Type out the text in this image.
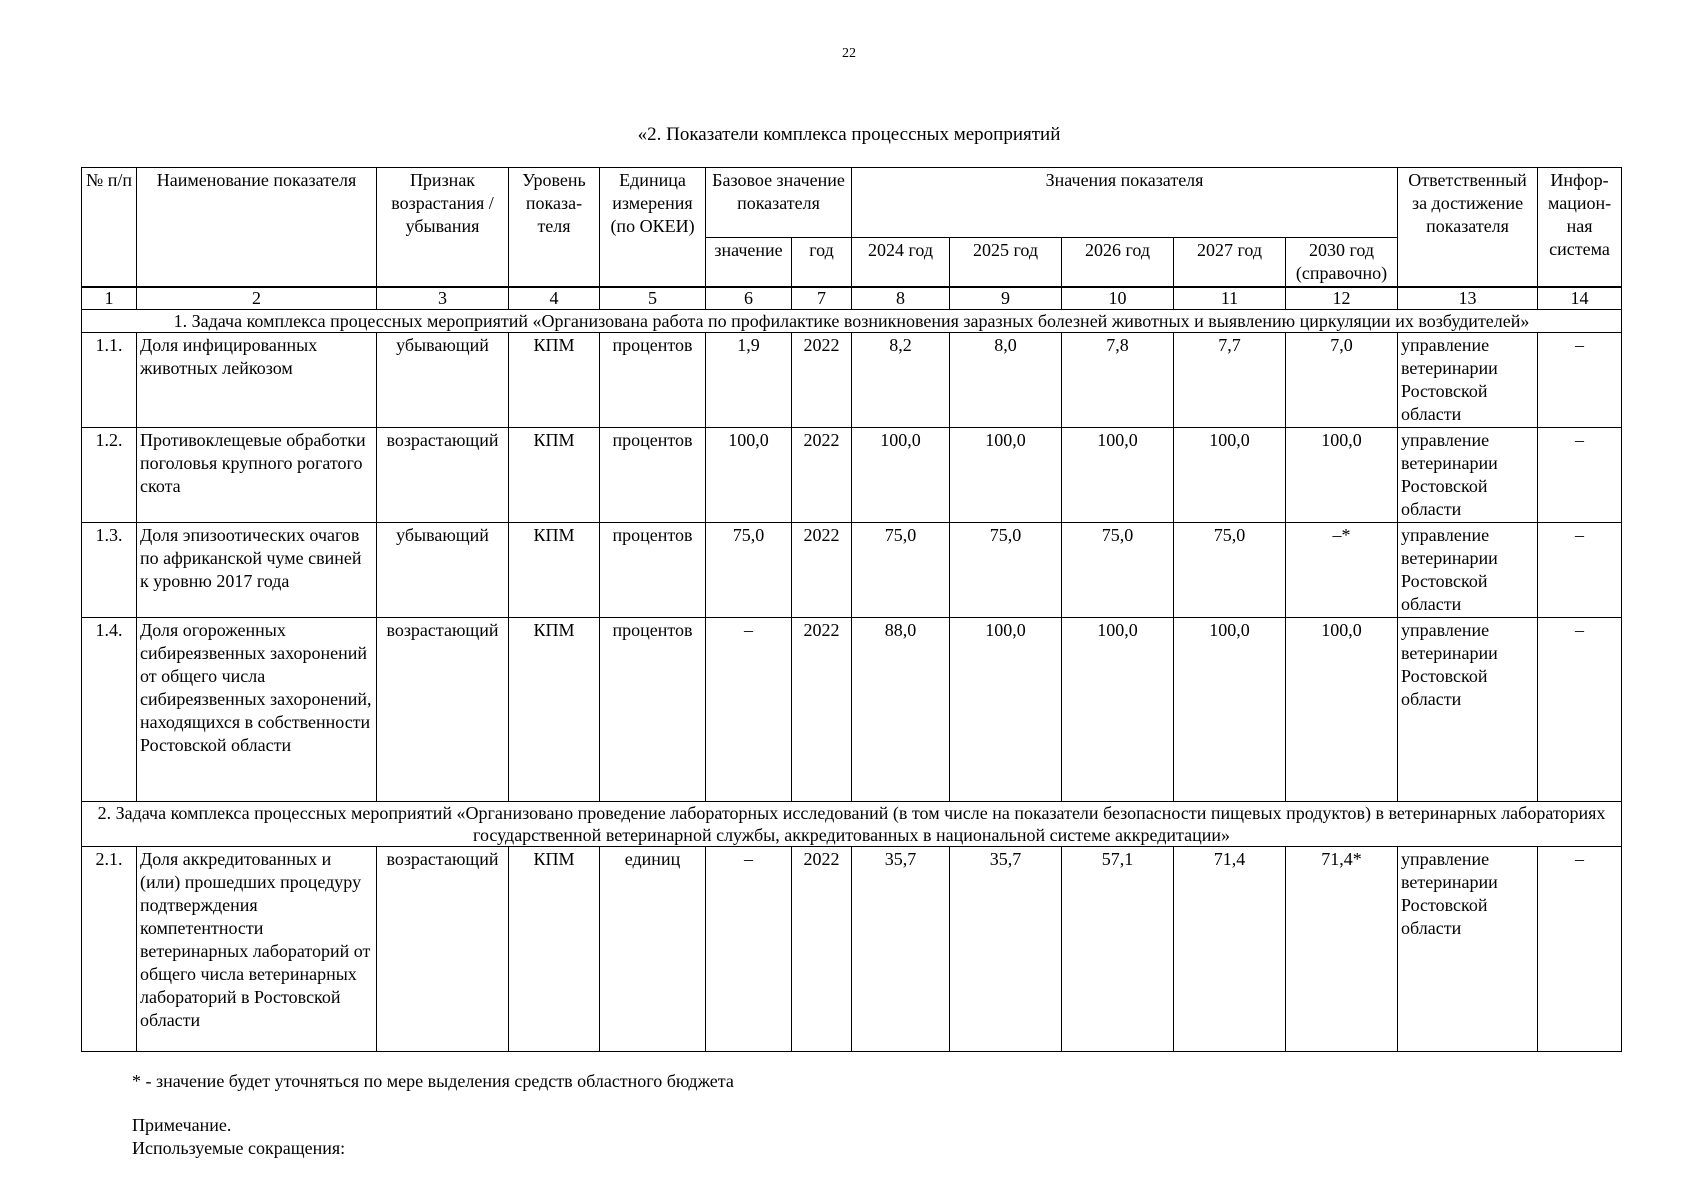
22
«2. Показатели комплекса процессных мероприятий
№ п/п	Наименование показателя	Признак возрастания / убывания	Уровень показа-теля	Единица измерения (по ОКЕИ)	Базовое значение показателя		Значения показателя					Ответственный за достижение показателя	Инфор-мацион-ная система
					значение	год	2024 год	2025 год	2026 год	2027 год	2030 год (справочно)		
1	2	3	4	5	6	7	8	9	10	11	12	13	14
1. Задача комплекса процессных мероприятий «Организована работа по профилактике возникновения заразных болезней животных и выявлению циркуляции их возбудителей»													
1.1.	Доля инфицированных животных лейкозом	убывающий	КПМ	процентов	1,9	2022	8,2	8,0	7,8	7,7	7,0	управление ветеринарии Ростовской области	–
1.2.	Противоклещевые обработки поголовья крупного рогатого скота	возрастающий	КПМ	процентов	100,0	2022	100,0	100,0	100,0	100,0	100,0	управление ветеринарии Ростовской области	–
1.3.	Доля эпизоотических очагов по африканской чуме свиней к уровню 2017 года	убывающий	КПМ	процентов	75,0	2022	75,0	75,0	75,0	75,0	–*	управление ветеринарии Ростовской области	–
1.4.	Доля огороженных сибиреязвенных захоронений от общего числа сибиреязвенных захоронений, находящихся в собственности Ростовской области	возрастающий	КПМ	процентов	–	2022	88,0	100,0	100,0	100,0	100,0	управление ветеринарии Ростовской области	–
2. Задача комплекса процессных мероприятий «Организовано проведение лабораторных исследований (в том числе на показатели безопасности пищевых продуктов) в ветеринарных лабораториях государственной ветеринарной службы, аккредитованных в национальной системе аккредитации»													
2.1.	Доля аккредитованных и (или) прошедших процедуру подтверждения компетентности ветеринарных лабораторий от общего числа ветеринарных лабораторий в Ростовской области	возрастающий	КПМ	единиц	–	2022	35,7	35,7	57,1	71,4	71,4*	управление ветеринарии Ростовской области	–
* - значение будет уточняться по мере выделения средств областного бюджета
Примечание.
Используемые сокращения:
